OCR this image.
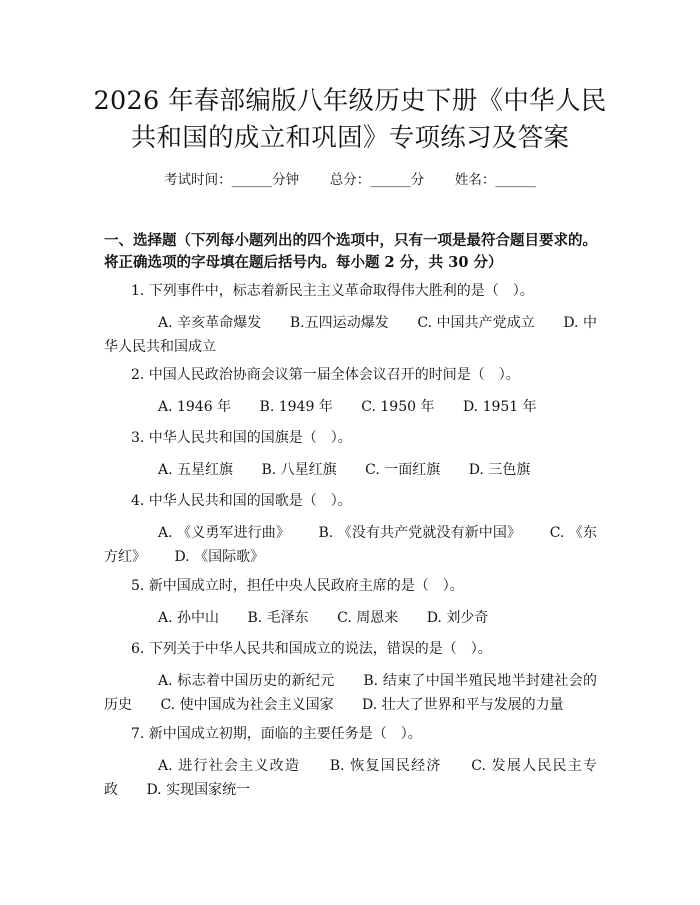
2026 年春部编版八年级历史下册《中华人民
共和国的成立和巩固》专项练习及答案
考试时间：______分钟 总分：______分 姓名：______
一、选择题（下列每小题列出的四个选项中，只有一项是最符合题目要求的。将正确选项的字母填在题后括号内。每小题 2 分，共 30 分）
1. 下列事件中，标志着新民主主义革命取得伟大胜利的是（　）。
A. 辛亥革命爆发 B.五四运动爆发 C. 中国共产党成立 D. 中华人民共和国成立
2. 中国人民政治协商会议第一届全体会议召开的时间是（　）。
A. 1946 年 B. 1949 年 C. 1950 年 D. 1951 年
3. 中华人民共和国的国旗是（　）。
A. 五星红旗 B. 八星红旗 C. 一面红旗 D. 三色旗
4. 中华人民共和国的国歌是（　）。
A. 《义勇军进行曲》 B. 《没有共产党就没有新中国》 C. 《东方红》 D. 《国际歌》
5. 新中国成立时，担任中央人民政府主席的是（　）。
A. 孙中山 B. 毛泽东 C. 周恩来 D. 刘少奇
6. 下列关于中华人民共和国成立的说法，错误的是（　）。
A. 标志着中国历史的新纪元 B. 结束了中国半殖民地半封建社会的历史 C. 使中国成为社会主义国家 D. 壮大了世界和平与发展的力量
7. 新中国成立初期，面临的主要任务是（　）。
A. 进行社会主义改造 B. 恢复国民经济 C. 发展人民民主专政 D. 实现国家统一
